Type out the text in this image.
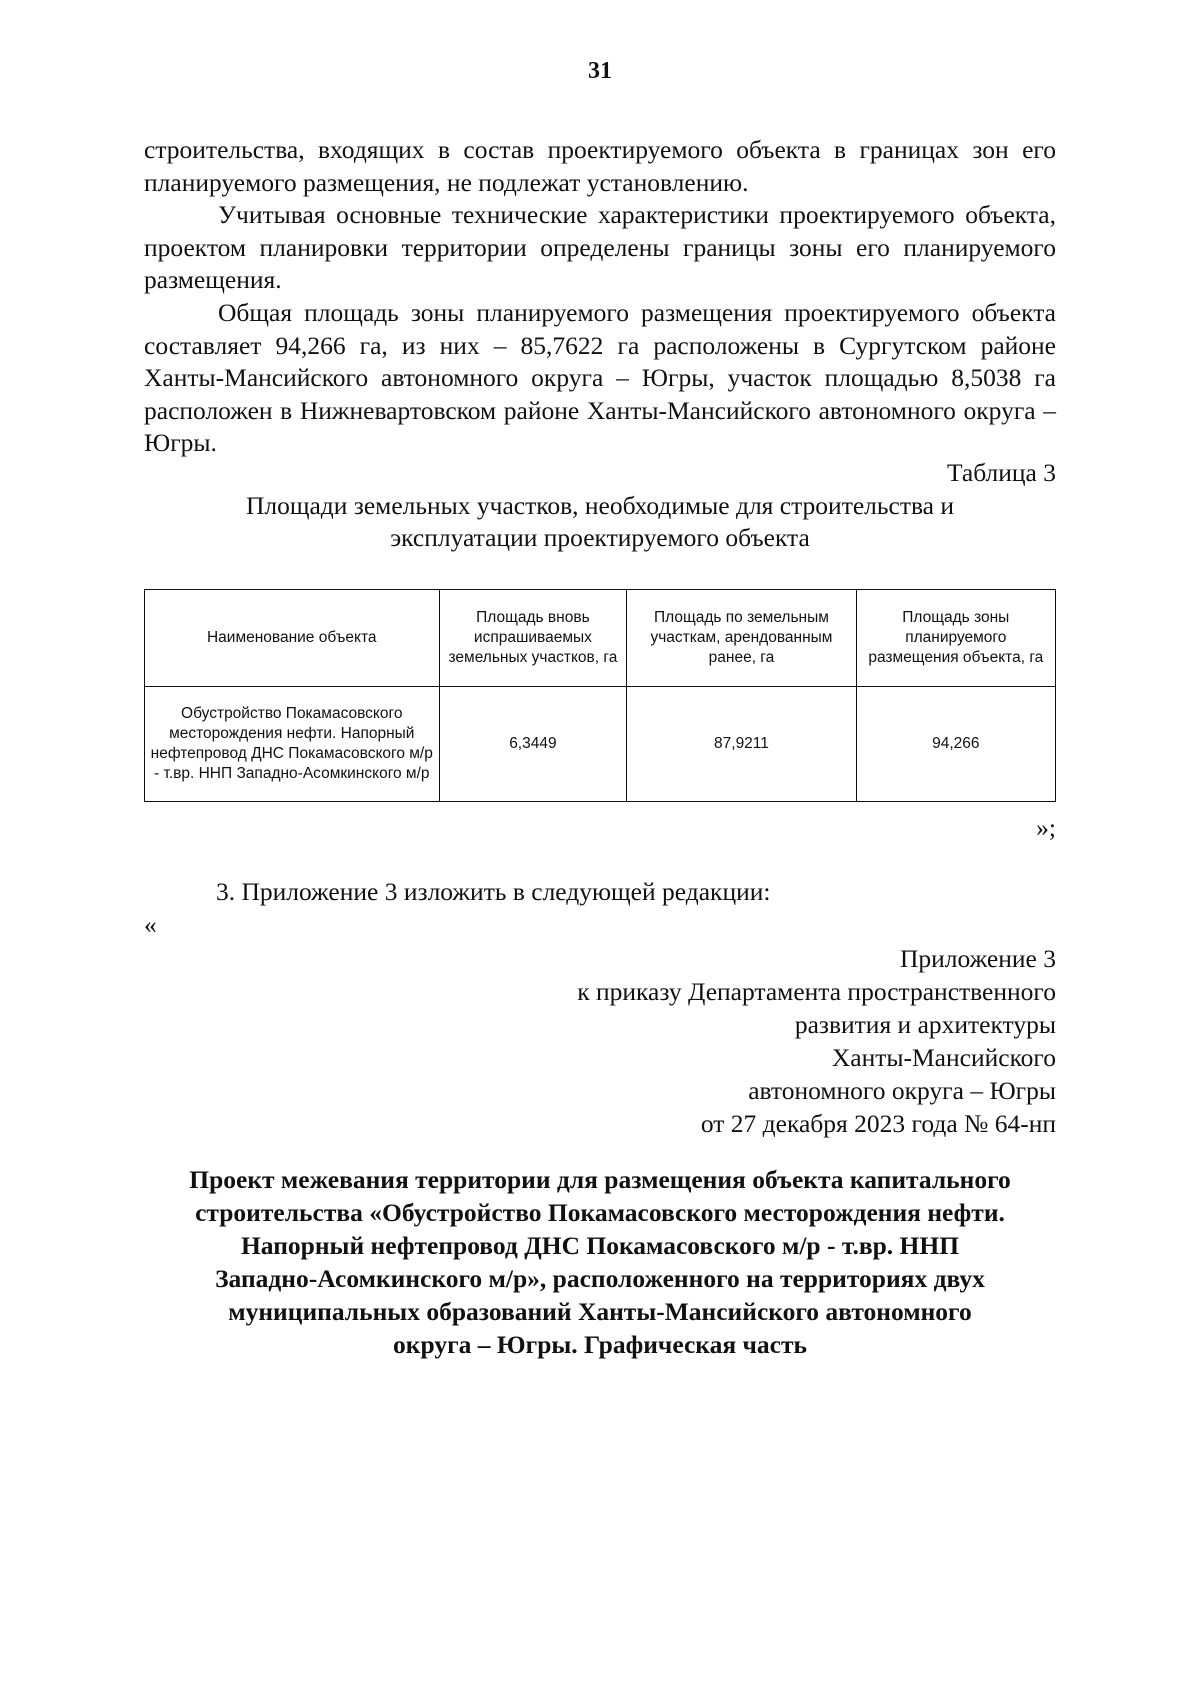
31

строительства, входящих в состав проектируемого объекта в границах зон его планируемого размещения, не подлежат установлению.

Учитывая основные технические характеристики проектируемого объекта, проектом планировки территории определены границы зоны его планируемого размещения.

Общая площадь зоны планируемого размещения проектируемого объекта составляет 94,266 га, из них – 85,7622 га расположены в Сургутском районе Ханты-Мансийского автономного округа – Югры, участок площадью 8,5038 га расположен в Нижневартовском районе Ханты-Мансийского автономного округа – Югры.

Таблица 3
Площади земельных участков, необходимые для строительства и
эксплуатации проектируемого объекта
Наименование объекта	Площадь вновь испрашиваемых земельных участков, га	Площадь по земельным участкам, арендованным ранее, га	Площадь зоны планируемого размещения объекта, га
Обустройство Покамасовского месторождения нефти. Напорный нефтепровод ДНС Покамасовского м/р - т.вр. ННП Западно-Асомкинского м/р	6,3449	87,9211	94,266
»;
3. Приложение 3 изложить в следующей редакции:
«
Приложение 3
к приказу Департамента пространственного
развития и архитектуры
Ханты-Мансийского
автономного округа – Югры
от 27 декабря 2023 года № 64-нп
Проект межевания территории для размещения объекта капитального
строительства «Обустройство Покамасовского месторождения нефти.
Напорный нефтепровод ДНС Покамасовского м/р - т.вр. ННП
Западно-Асомкинского м/р», расположенного на территориях двух
муниципальных образований Ханты-Мансийского автономного
округа – Югры. Графическая часть
